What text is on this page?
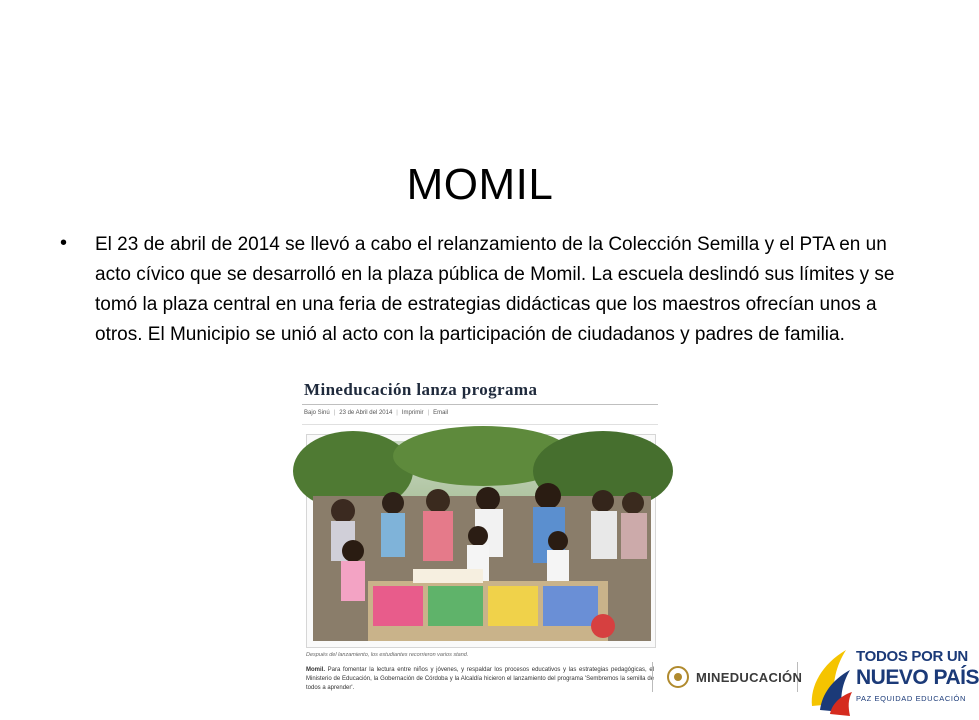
MOMIL
• El 23 de abril de 2014 se llevó a cabo el relanzamiento de la Colección Semilla y el PTA en un acto cívico que se desarrolló en la plaza pública de Momil. La escuela deslindó sus límites y se tomó la plaza central en una feria de estrategias didácticas que los maestros ofrecían unos a otros. El Municipio se unió al acto con la participación de ciudadanos y padres de familia.

Mineducación lanza programa
Bajo Sinú | 23 de Abril del 2014 | Imprimir | Email
Después del lanzamiento, los estudiantes recorrieron varios stand.
Momil. Para fomentar la lectura entre niños y jóvenes, y respaldar los procesos educativos y las estrategias pedagógicas, el Ministerio de Educación, la Gobernación de Córdoba y la Alcaldía hicieron el lanzamiento del programa 'Sembremos la semilla de todos a aprender'.
MINEDUCACIÓN
TODOS POR UN
NUEVO PAÍS
PAZ EQUIDAD EDUCACIÓN
